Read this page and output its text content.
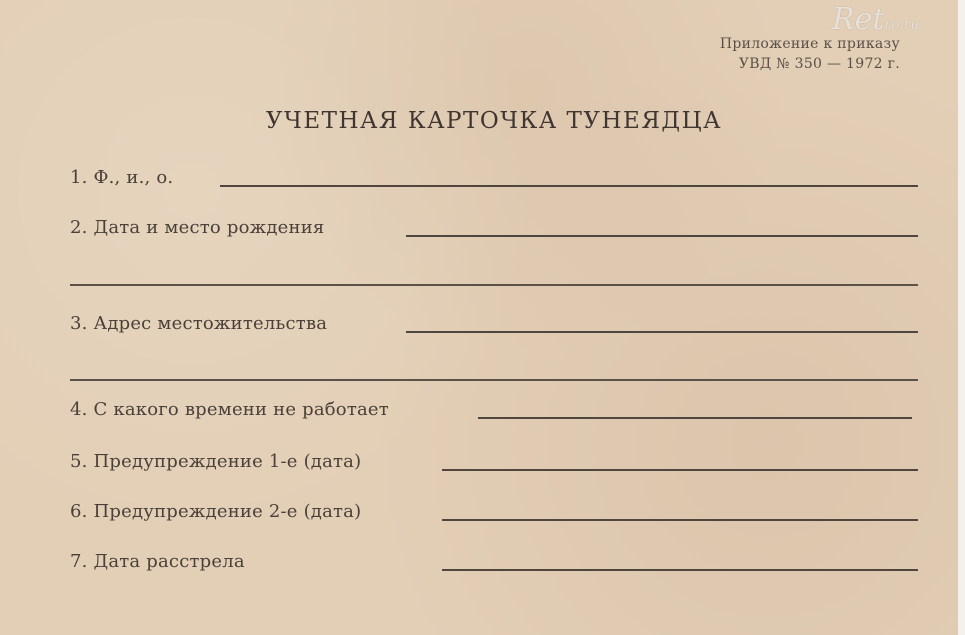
Retro.ru
Приложение к приказу
УВД № 350 — 1972 г.
УЧЕТНАЯ КАРТОЧКА ТУНЕЯДЦА
1. Ф., и., о.
2. Дата и место рождения
3. Адрес местожительства
4. С какого времени не работает
5. Предупреждение 1-е (дата)
6. Предупреждение 2-е (дата)
7. Дата расстрела
